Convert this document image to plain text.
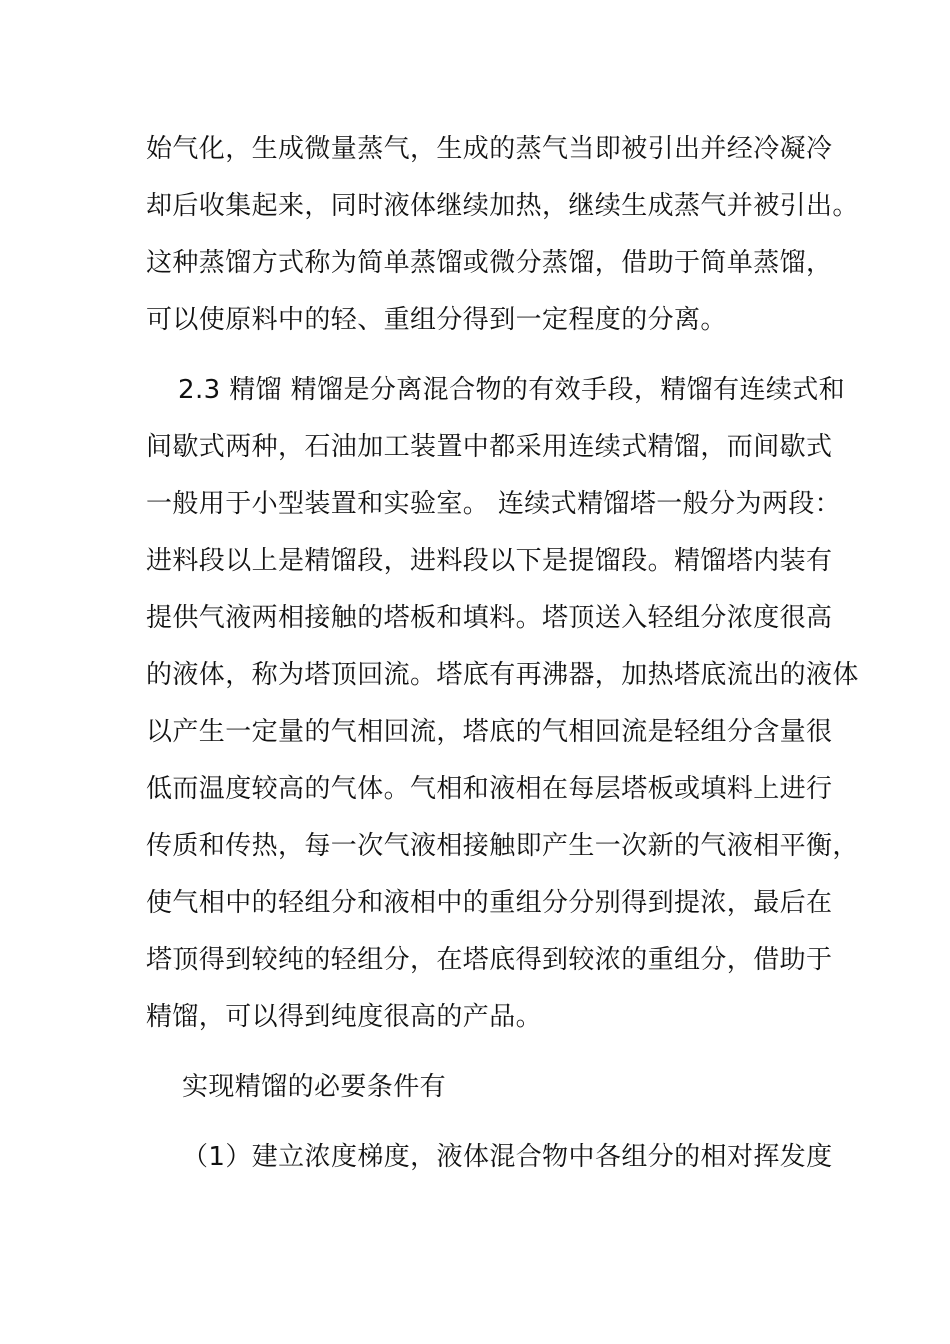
始气化，生成微量蒸气，生成的蒸气当即被引出并经冷凝冷
却后收集起来，同时液体继续加热，继续生成蒸气并被引出。
这种蒸馏方式称为简单蒸馏或微分蒸馏，借助于简单蒸馏，
可以使原料中的轻、重组分得到一定程度的分离。
2.3 精馏 精馏是分离混合物的有效手段，精馏有连续式和
间歇式两种，石油加工装置中都采用连续式精馏，而间歇式
一般用于小型装置和实验室。 连续式精馏塔一般分为两段：
进料段以上是精馏段，进料段以下是提馏段。精馏塔内装有
提供气液两相接触的塔板和填料。塔顶送入轻组分浓度很高
的液体，称为塔顶回流。塔底有再沸器，加热塔底流出的液体
以产生一定量的气相回流，塔底的气相回流是轻组分含量很
低而温度较高的气体。气相和液相在每层塔板或填料上进行
传质和传热，每一次气液相接触即产生一次新的气液相平衡，
使气相中的轻组分和液相中的重组分分别得到提浓，最后在
塔顶得到较纯的轻组分，在塔底得到较浓的重组分，借助于
精馏，可以得到纯度很高的产品。
实现精馏的必要条件有
（1）建立浓度梯度，液体混合物中各组分的相对挥发度
